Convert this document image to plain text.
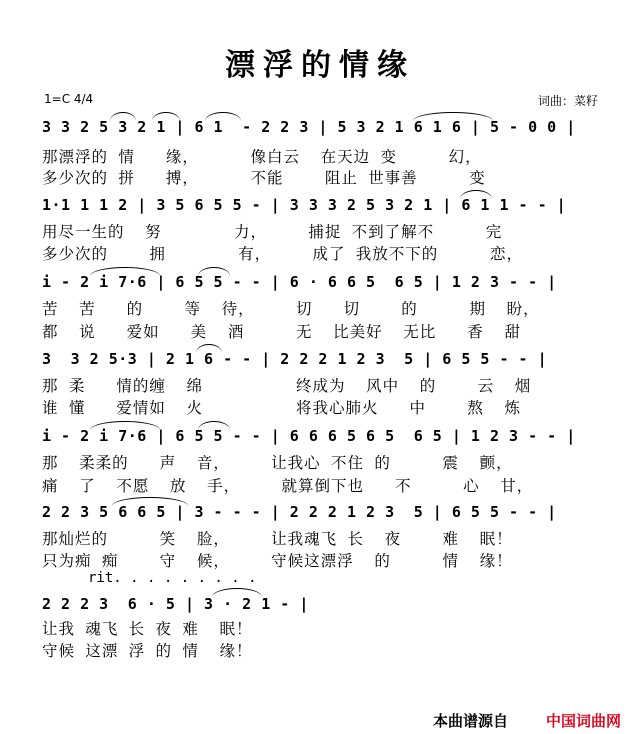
漂浮的情缘
1=C 4/4	词曲：菜籽
3 3 2 5 3 2 1 | 6 1  - 2 2 3 | 5 3 2 1 6 1 6 | 5 - 0 0 |
那漂浮的 情   缘，     像白云  在天边 变     幻，
多少次的 拼   搏，     不能    阻止 世事善     变
1·1 1 1 2 | 3 5 6 5 5 - | 3 3 3 2 5 3 2 1 | 6 1 1 - - |
用尽一生的  努       力，    捕捉 不到了解不     完
多少次的    拥       有，    成了 我放不下的     恋，
i - 2 i 7·6 | 6 5 5 - - | 6 · 6 6 5  6 5 | 1 2 3 - - |
苦  苦   的    等  待，    切   切    的     期  盼，
都  说   爱如   美  酒     无  比美好  无比   香  甜
3  3 2 5·3 | 2 1 6 - - | 2 2 2 1 2 3  5 | 6 5 5 - - |
那 柔   情的缠  绵         终成为  风中  的    云  烟
谁 懂   爱情如  火         将我心肺火   中    熬  炼
i - 2 i 7·6 | 6 5 5 - - | 6 6 6 5 6 5  6 5 | 1 2 3 - - |
那  柔柔的   声  音，    让我心 不住 的     震  颤，
痛  了  不愿  放  手，    就算倒下也   不     心  甘，
2 2 3 5 6 6 5 | 3 - - - | 2 2 2 1 2 3  5 | 6 5 5 - - |
那灿烂的     笑  脸，    让我魂飞 长  夜    难  眠！
只为痴 痴    守  候，    守候这漂浮  的     情  缘！
rit. . . . . . . . .
2 2 2 3  6 · 5 | 3 · 2 1 - |
让我 魂飞 长 夜 难  眠！
守候 这漂 浮 的 情  缘！
本曲谱源自	中国词曲网
